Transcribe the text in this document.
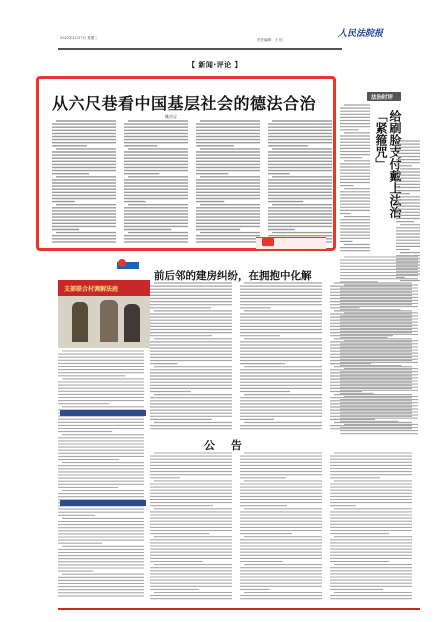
2022年4月27日 星期三	责任编辑：王 钦
人民法院报
【 新闻·评论 】
法治时评
从六尺巷看中国基层社会的德法合治
姚昌宝	给刷脸支付戴上法治「紧箍咒」
前后邻的建房纠纷，在拥抱中化解
支部联合村调解法庭
公 告
